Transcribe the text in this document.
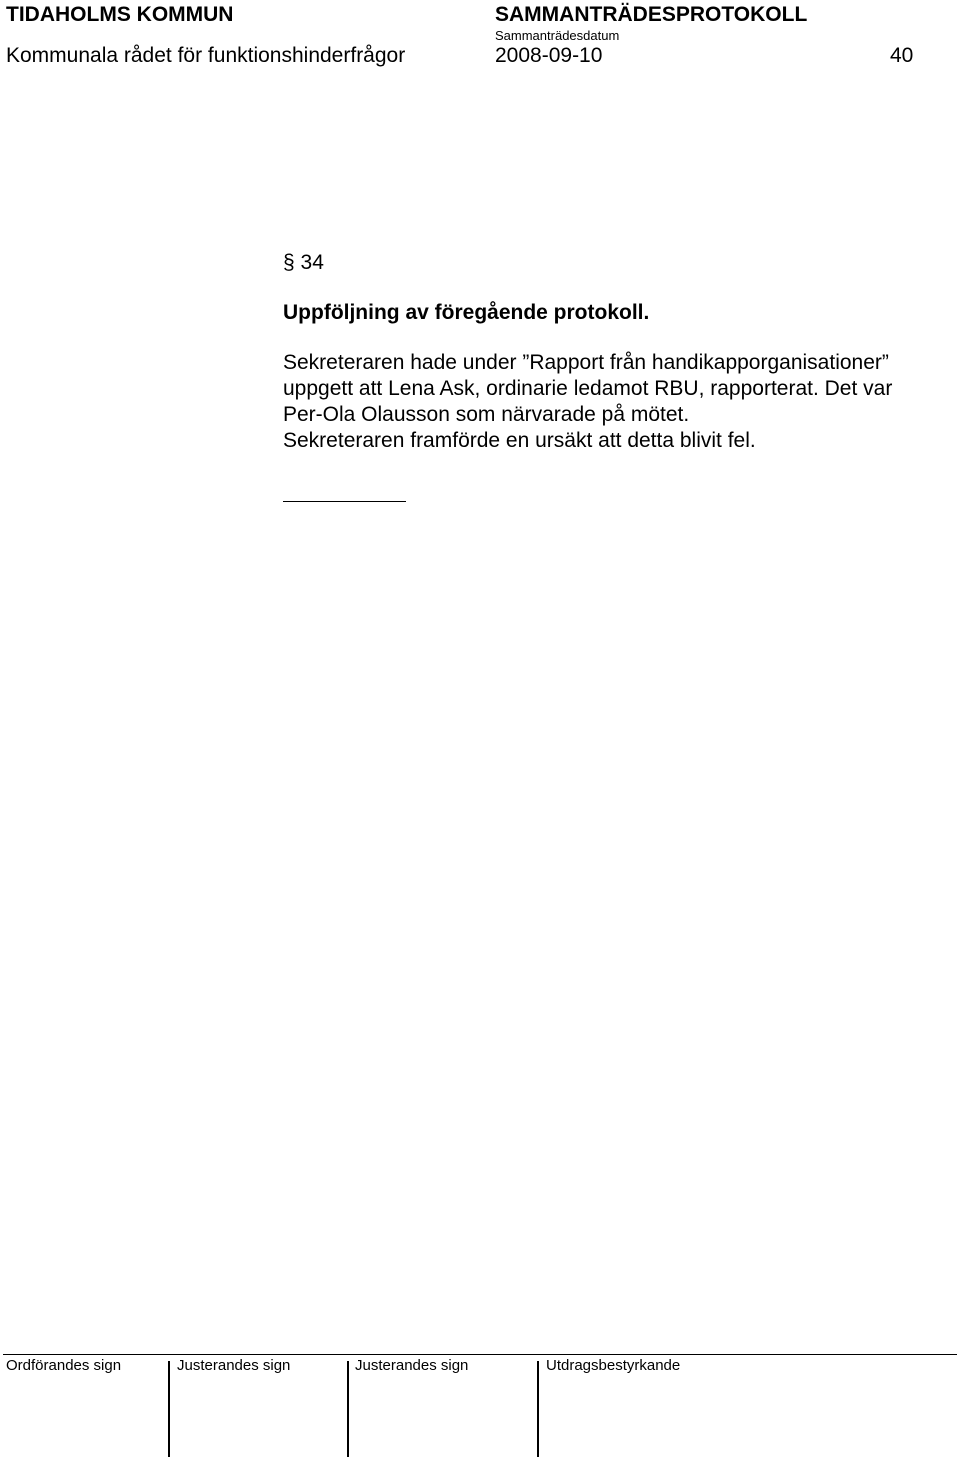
TIDAHOLMS KOMMUN	SAMMANTRÄDESPROTOKOLL
Sammanträdesdatum
Kommunala rådet för funktionshinderfrågor	2008-09-10	40
§ 34
Uppföljning av föregående protokoll.
Sekreteraren hade under ”Rapport från handikapporganisationer”
uppgett att Lena Ask, ordinarie ledamot RBU, rapporterat. Det var
Per-Ola Olausson som närvarade på mötet.
Sekreteraren framförde en ursäkt att detta blivit fel.
Ordförandes sign	Justerandes sign	Justerandes sign	Utdragsbestyrkande
